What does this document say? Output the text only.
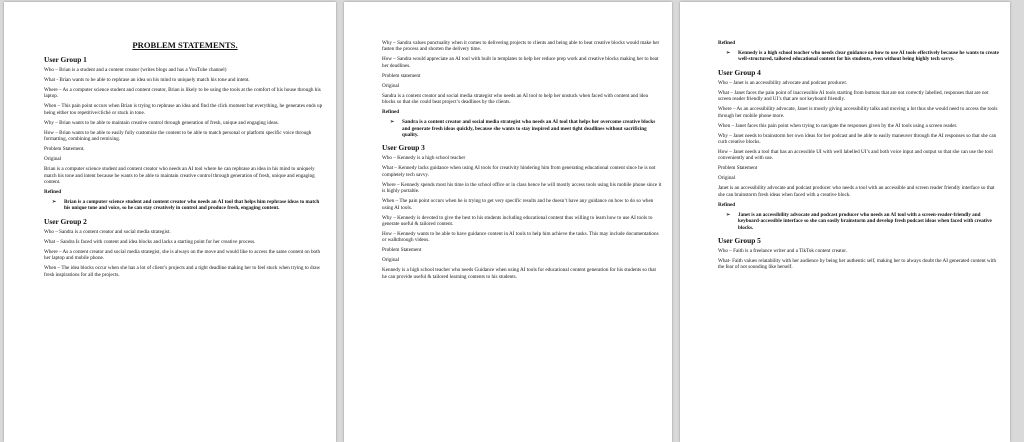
PROBLEM STATEMENTS.
User Group 1
Who – Brian is a student and a content creator (writes blogs and has a YouTube channel)
What - Brian wants to be able to rephrase an idea on his mind to uniquely match his tone and intent.
Where – As a computer science student and content creator, Brian is likely to be using the tools at the comfort of his house through his laptop.
When – This pain point occurs when Brian is trying to rephrase an idea and find the click moment but everything, he generates ends up being either too repetitive/cliché or stuck in tone.
Why – Brian wants to be able to maintain creative control through generation of fresh, unique and engaging ideas.
How – Brian wants to be able to easily fully customize the content to be able to match personal or platform specific voice through formatting, combining and remixing.
Problem Statement.
Original
Brian is a computer science student and content creator who needs an AI tool where he can rephrase an idea in his mind to uniquely match his tone and intent because he wants to be able to maintain creative control through generation of fresh, unique and engaging content.
Refined
➢	Brian is a computer science student and content creator who needs an AI tool that helps him rephrase ideas to match his unique tone and voice, so he can stay creatively in control and produce fresh, engaging content.
User Group 2
Who – Sandra is a content creator and social media strategist.
What – Sandra Is faced with content and idea blocks and lacks a starting point for her creative process.
Where – As a content creator and social media strategist, she is always on the move and would like to access the same content on both her laptop and mobile phone.
When – The idea blocks occur when she has a lot of client’s projects and a tight deadline making her to feel stuck when trying to draw fresh inspirations for all the projects.
Why – Sandra values punctuality when it comes to delivering projects to clients and being able to beat creative blocks would make her fasten the process and shorten the delivery time.
How – Sandra would appreciate an AI tool with built in templates to help her reduce prep work and creative blocks making her to beat her deadlines.
Problem statement
Original
Sandra is a content creator and social media strategist who needs an AI tool to help her unstuck when faced with content and idea blocks so that she could beat project’s deadlines by the clients.
Refined
➢	Sandra is a content creator and social media strategist who needs an AI tool that helps her overcome creative blocks and generate fresh ideas quickly, because she wants to stay inspired and meet tight deadlines without sacrificing quality.
User Group 3
Who – Kennedy is a high school teacher
What – Kennedy lacks guidance when using AI tools for creativity hindering him from generating educational content since he is not completely tech savvy.
Where – Kennedy spends most his time in the school office or in class hence he will mostly access tools using his mobile phone since it is highly portable.
When – The pain point occurs when he is trying to get very specific results and he doesn’t have any guidance on how to do so when using AI tools.
Why – Kennedy is devoted to give the best to his students including educational content thus willing to learn how to use AI tools to generate useful & tailored content.
How – Kennedy wants to be able to have guidance content in AI tools to help him achieve the tasks. This may include documentations or walkthrough videos.
Problem Statement
Original
Kennedy is a high school teacher who needs Guidance when using AI tools for educational content generation for his students so that he can provide useful & tailored learning contents to his students.
Refined
➢	Kennedy is a high school teacher who needs clear guidance on how to use AI tools effectively because he wants to create well-structured, tailored educational content for his students, even without being highly tech savvy.
User Group 4
Who – Janet is an accessibility advocate and podcast producer.
What – Janet faces the pain point of inaccessible AI tools starting from buttons that are not correctly labelled, responses that are not screen reader friendly and UI’s that are not keyboard friendly.
Where – As an accessibility advocate, Janet is mostly giving accessibility talks and moving a lot thus she would need to access the tools through her mobile phone more.
When – Janet faces this pain point when trying to navigate the responses given by the AI tools using a screen reader.
Why – Janet needs to brainstorm her own ideas for her podcast and be able to easily maneuver through the AI responses so that she can curb creative blocks.
How – Janet needs a tool that has an accessible UI with well labelled UI’s and both voice input and output so that she can use the tool conveniently and with use.
Problem Statement
Original
Janet is an accessibility advocate and podcast producer who needs a tool with an accessible and screen reader friendly interface so that she can brainstorm fresh ideas when faced with a creative block.
Refined
➢	Janet is an accessibility advocate and podcast producer who needs an AI tool with a screen-reader-friendly and keyboard-accessible interface so she can easily brainstorm and develop fresh podcast ideas when faced with creative blocks.
User Group 5
Who – Faith is a freelance writer and a TikTok content creator.
What- Faith values relatability with her audience by being her authentic self, making her to always doubt the AI generated content with the fear of not sounding like herself.
